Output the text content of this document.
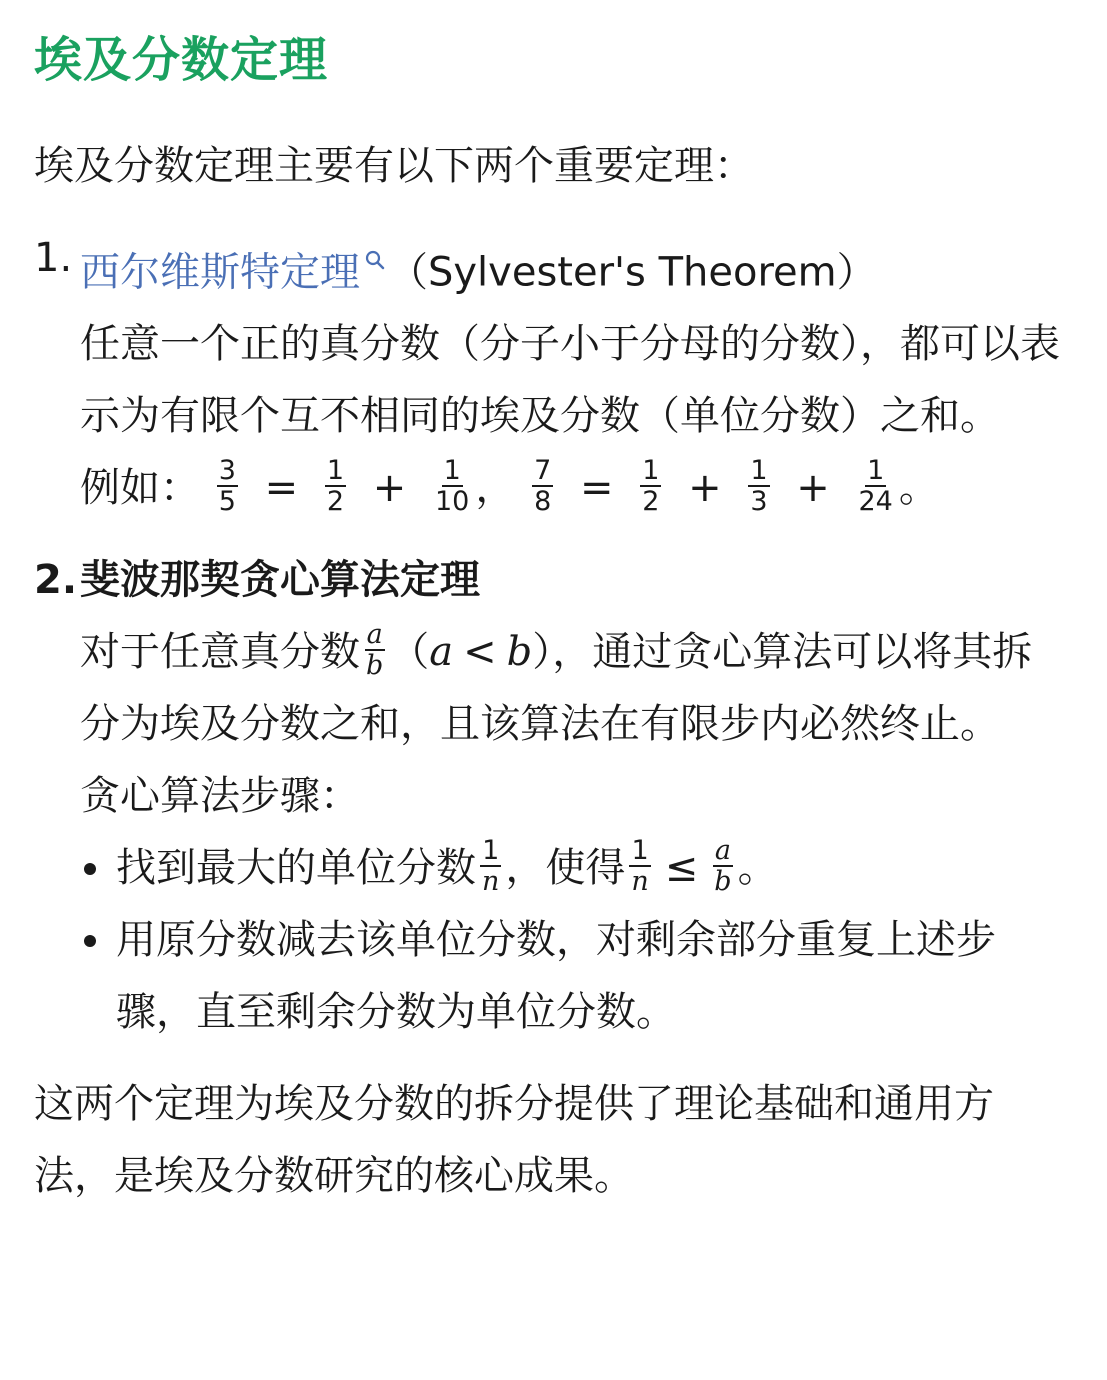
埃及分数定理

埃及分数定理主要有以下两个重要定理：

1. 西尔维斯特定理 （Sylvester's Theorem）

任意一个正的真分数（分子小于分母的分数），都可以表示为有限个互不相同的埃及分数（单位分数）之和。

例如： $\frac{3}{5} = \frac{1}{2} + \frac{1}{10}$ ， $\frac{7}{8} = \frac{1}{2} + \frac{1}{3} + \frac{1}{24}$ 。
2. 斐波那契贪心算法定理

对于任意真分数 $\frac{a}{b} (a < b)$，通过贪心算法可以将其拆分为埃及分数之和，且该算法在有限步内必然终止。

贪心算法步骤：

找到最大的单位分数 $\frac{1}{n}$ ，使得 $\frac{1}{n} \le \frac{a}{b}$ 。
用原分数减去该单位分数，对剩余部分重复上述步骤，直至剩余分数为单位分数。

这两个定理为埃及分数的拆分提供了理论基础和通用方法，是埃及分数研究的核心成果。
